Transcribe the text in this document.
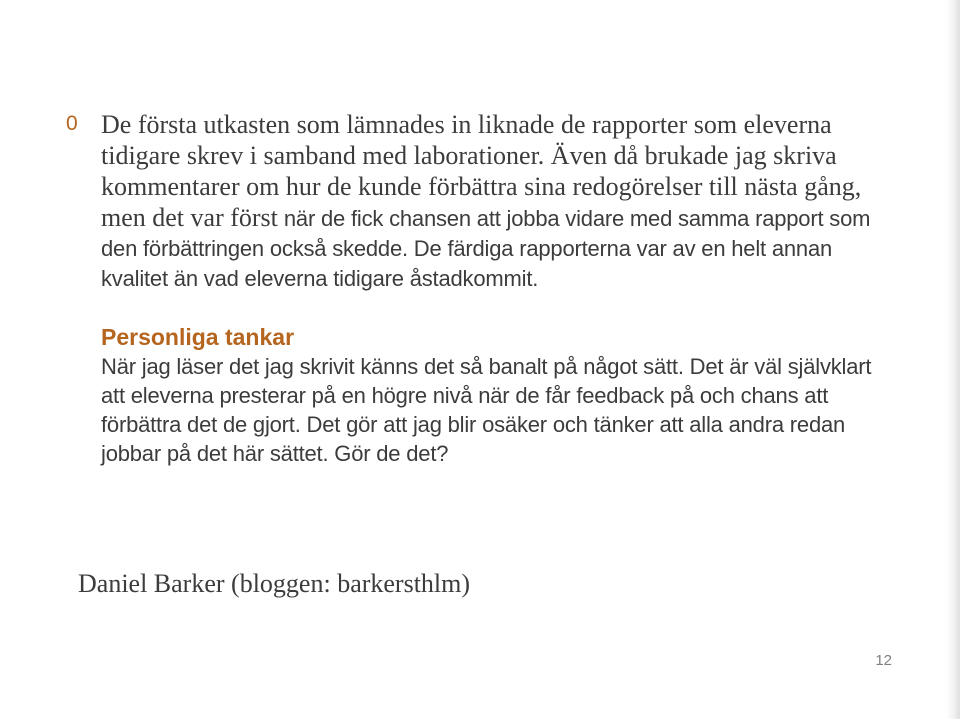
0 De första utkasten som lämnades in liknade de rapporter som eleverna tidigare skrev i samband med laborationer. Även då brukade jag skriva kommentarer om hur de kunde förbättra sina redogörelser till nästa gång, men det var först när de fick chansen att jobba vidare med samma rapport som den förbättringen också skedde. De färdiga rapporterna var av en helt annan kvalitet än vad eleverna tidigare åstadkommit.
Personliga tankar
När jag läser det jag skrivit känns det så banalt på något sätt. Det är väl självklart att eleverna presterar på en högre nivå när de får feedback på och chans att förbättra det de gjort. Det gör att jag blir osäker och tänker att alla andra redan jobbar på det här sättet. Gör de det?
Daniel Barker (bloggen: barkersthlm)
12
